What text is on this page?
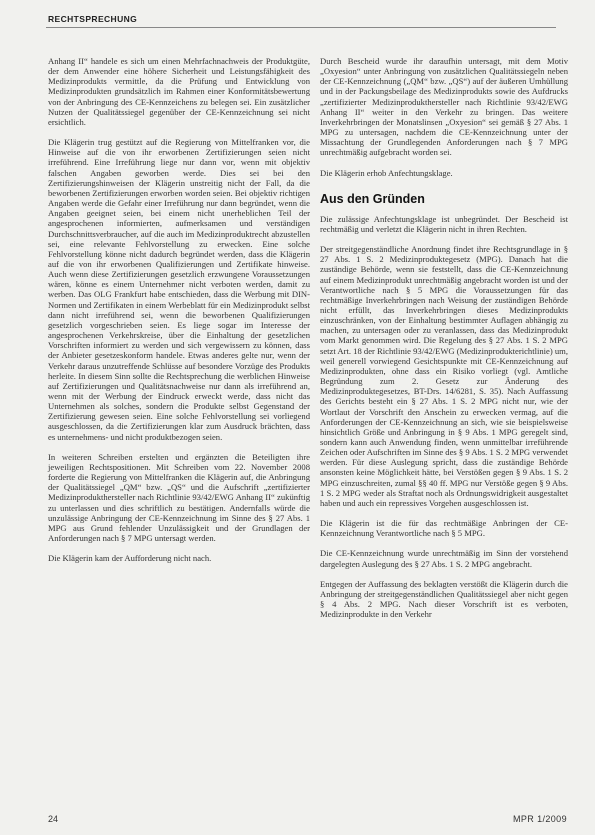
RECHTSPRECHUNG

Anhang II“ handele es sich um einen Mehrfachnachweis der Produktgüte, der dem Anwender eine höhere Sicherheit und Leistungsfähigkeit des Medizinprodukts vermittle, da die Prüfung und Entwicklung von Medizinprodukten grundsätzlich im Rahmen einer Konformitätsbewertung von der Anbringung des CE-Kennzeichens zu belegen sei. Ein zusätzlicher Nutzen der Qualitätssiegel gegenüber der CE-Kennzeichnung sei nicht ersichtlich.

Die Klägerin trug gestützt auf die Regierung von Mittelfranken vor, die Hinweise auf die von ihr erworbenen Zertifizierungen seien nicht irreführend. Eine Irreführung liege nur dann vor, wenn mit objektiv falschen Angaben geworben werde. Dies sei bei den Zertifizierungshinweisen der Klägerin unstreitig nicht der Fall, da die beworbenen Zertifizierungen erworben worden seien. Bei objektiv richtigen Angaben werde die Gefahr einer Irreführung nur dann begründet, wenn die Angaben geeignet seien, bei einem nicht unerheblichen Teil der angesprochenen informierten, aufmerksamen und verständigen Durchschnittsverbraucher, auf die auch im Medizinproduktrecht abzustellen sei, eine relevante Fehlvorstellung zu erwecken. Eine solche Fehlvorstellung könne nicht dadurch begründet werden, dass die Klägerin auf die von ihr erworbenen Qualifizierungen und Zertifikate hinweise. Auch wenn diese Zertifizierungen gesetzlich erzwungene Voraussetzungen wären, könne es einem Unternehmer nicht verboten werden, damit zu werben. Das OLG Frankfurt habe entschieden, dass die Werbung mit DIN-Normen und Zertifikaten in einem Werbeblatt für ein Medizinprodukt selbst dann nicht irreführend sei, wenn die beworbenen Qualifizierungen gesetzlich vorgeschrieben seien. Es liege sogar im Interesse der angesprochenen Verkehrskreise, über die Einhaltung der gesetzlichen Vorschriften informiert zu werden und sich vergewissern zu können, dass der Anbieter gesetzeskonform handele. Etwas anderes gelte nur, wenn der Verkehr daraus unzutreffende Schlüsse auf besondere Vorzüge des Produkts herleite. In diesem Sinn sollte die Rechtsprechung die werblichen Hinweise auf Zertifizierungen und Qualitätsnachweise nur dann als irreführend an, wenn mit der Werbung der Eindruck erweckt werde, dass nicht das Unternehmen als solches, sondern die Produkte selbst Gegenstand der Zertifizierung gewesen seien. Eine solche Fehlvorstellung sei vorliegend ausgeschlossen, da die Zertifizierungen klar zum Ausdruck brächten, dass es unternehmens- und nicht produktbezogen seien.

In weiteren Schreiben erstelten und ergänzten die Beteiligten ihre jeweiligen Rechtspositionen. Mit Schreiben vom 22. November 2008 forderte die Regierung von Mittelfranken die Klägerin auf, die Anbringung der Qualitätssiegel „QM“ bzw. „QS“ und die Aufschrift „zertifizierter Medizinprodukthersteller nach Richtlinie 93/42/EWG Anhang II“ zukünftig zu unterlassen und dies schriftlich zu bestätigen. Andernfalls würde die unzulässige Anbringung der CE-Kennzeichnung im Sinne des § 27 Abs. 1 MPG aus Grund fehlender Unzulässigkeit und der Grundlagen der Anforderungen nach § 7 MPG untersagt werden.

Die Klägerin kam der Aufforderung nicht nach.

Durch Bescheid wurde ihr daraufhin untersagt, mit dem Motiv „Oxyesion“ unter Anbringung von zusätzlichen Qualitätssiegeln neben der CE-Kennzeichnung („QM“ bzw. „QS“) auf der äußeren Umhüllung und in der Packungsbeilage des Medizinprodukts sowie des Aufdrucks „zertifizierter Medizinprodukthersteller nach Richtlinie 93/42/EWG Anhang II“ weiter in den Verkehr zu bringen. Das weitere Inverkehrbringen der Monatslinsen „Oxyesion“ sei gemäß § 27 Abs. 1 MPG zu untersagen, nachdem die CE-Kennzeichnung unter der Missachtung der Grundlegenden Anforderungen nach § 7 MPG unrechtmäßig aufgebracht worden sei.

Die Klägerin erhob Anfechtungsklage.

Aus den Gründen

Die zulässige Anfechtungsklage ist unbegründet. Der Bescheid ist rechtmäßig und verletzt die Klägerin nicht in ihren Rechten.

Der streitgegenständliche Anordnung findet ihre Rechtsgrundlage in § 27 Abs. 1 S. 2 Medizinproduktegesetz (MPG). Danach hat die zuständige Behörde, wenn sie feststellt, dass die CE-Kennzeichnung auf einem Medizinprodukt unrechtmäßig angebracht worden ist und der Verantwortliche nach § 5 MPG die Voraussetzungen für das rechtmäßige Inverkehrbringen nach Weisung der zuständigen Behörde nicht erfüllt, das Inverkehrbringen dieses Medizinprodukts einzuschränken, von der Einhaltung bestimmter Auflagen abhängig zu machen, zu untersagen oder zu veranlassen, dass das Medizinprodukt vom Markt genommen wird. Die Regelung des § 27 Abs. 1 S. 2 MPG setzt Art. 18 der Richtlinie 93/42/EWG (Medizinprodukterichtlinie) um, weil generell vorwiegend Gesichtspunkte mit CE-Kennzeichnung auf Medizinprodukten, ohne dass ein Risiko vorliegt (vgl. Amtliche Begründung zum 2. Gesetz zur Änderung des Medizinproduktegesetzes, BT-Drs. 14/6281, S. 35). Nach Auffassung des Gerichts besteht ein § 27 Abs. 1 S. 2 MPG nicht nur, wie der Wortlaut der Vorschrift den Anschein zu erwecken vermag, auf die Anforderungen der CE-Kennzeichnung an sich, wie sie beispielsweise hinsichtlich Größe und Anbringung in § 9 Abs. 1 MPG geregelt sind, sondern kann auch Anwendung finden, wenn unmittelbar irreführende Zeichen oder Aufschriften im Sinne des § 9 Abs. 1 S. 2 MPG verwendet werden. Für diese Auslegung spricht, dass die zuständige Behörde ansonsten keine Möglichkeit hätte, bei Verstößen gegen § 9 Abs. 1 S. 2 MPG einzuschreiten, zumal §§ 40 ff. MPG nur Verstöße gegen § 9 Abs. 1 S. 2 MPG weder als Straftat noch als Ordnungswidrigkeit ausgestaltet haben und auch ein repressives Vorgehen ausgeschlossen ist.

Die Klägerin ist die für das rechtmäßige Anbringen der CE-Kennzeichnung Verantwortliche nach § 5 MPG.

Die CE-Kennzeichnung wurde unrechtmäßig im Sinn der vorstehend dargelegten Auslegung des § 27 Abs. 1 S. 2 MPG angebracht.

Entgegen der Auffassung des beklagten verstößt die Klägerin durch die Anbringung der streitgegenständlichen Qualitätssiegel aber nicht gegen § 4 Abs. 2 MPG. Nach dieser Vorschrift ist es verboten, Medizinprodukte in den Verkehr

24	MPR 1/2009
